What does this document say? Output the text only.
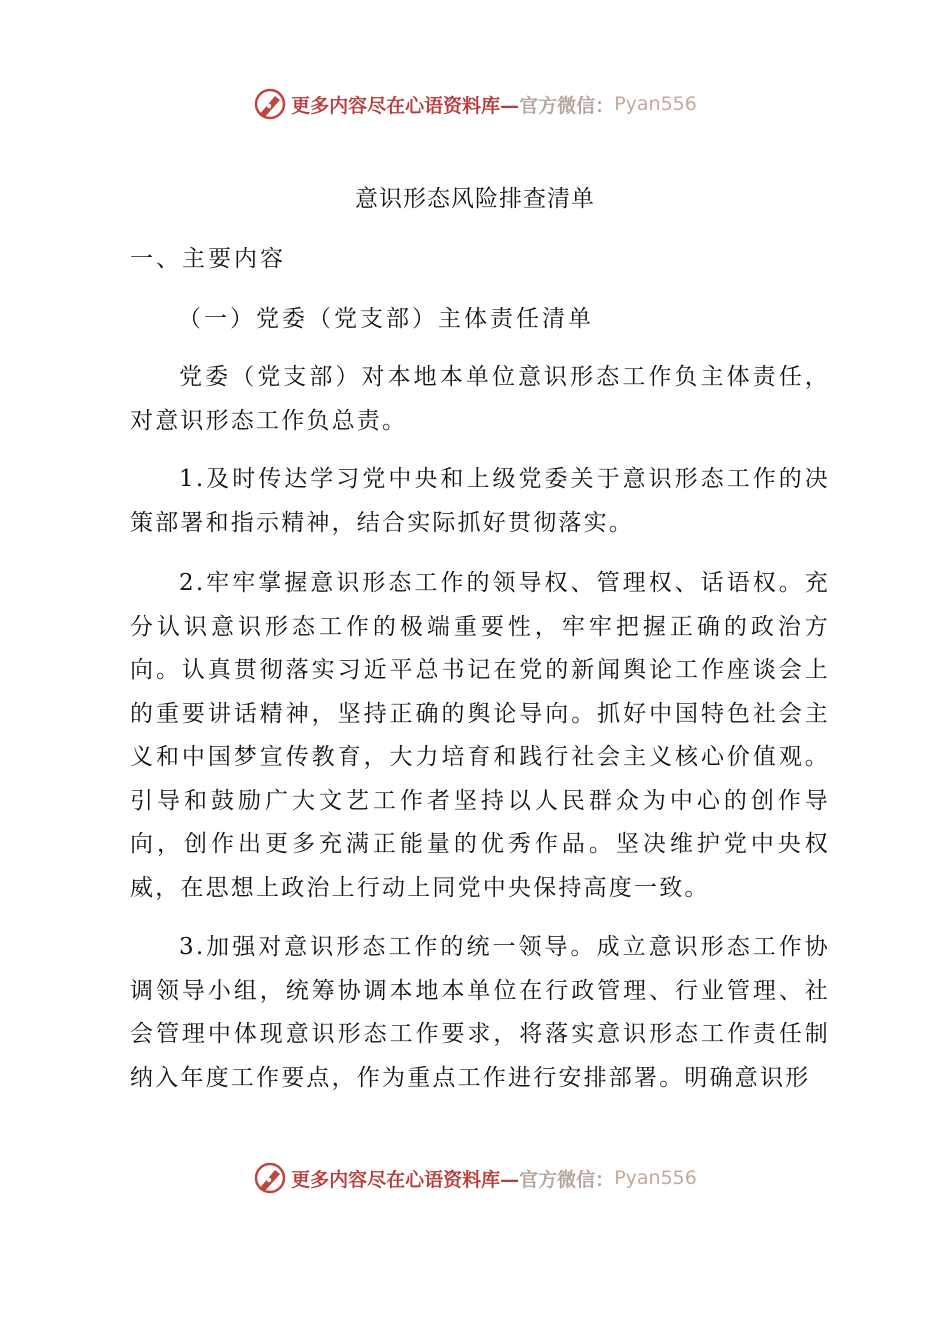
更多内容尽在心语资料库— 官方微信： Pyan556
意识形态风险排查清单
一、主要内容
（一）党委（党支部）主体责任清单
党委（党支部）对本地本单位意识形态工作负主体责任，对意识形态工作负总责。
1.及时传达学习党中央和上级党委关于意识形态工作的决策部署和指示精神，结合实际抓好贯彻落实。
2.牢牢掌握意识形态工作的领导权、管理权、话语权。充分认识意识形态工作的极端重要性，牢牢把握正确的政治方向。认真贯彻落实习近平总书记在党的新闻舆论工作座谈会上的重要讲话精神，坚持正确的舆论导向。抓好中国特色社会主义和中国梦宣传教育，大力培育和践行社会主义核心价值观。引导和鼓励广大文艺工作者坚持以人民群众为中心的创作导向，创作出更多充满正能量的优秀作品。坚决维护党中央权威，在思想上政治上行动上同党中央保持高度一致。
3.加强对意识形态工作的统一领导。成立意识形态工作协调领导小组，统筹协调本地本单位在行政管理、行业管理、社会管理中体现意识形态工作要求，将落实意识形态工作责任制纳入年度工作要点，作为重点工作进行安排部署。明确意识形
更多内容尽在心语资料库— 官方微信： Pyan556
